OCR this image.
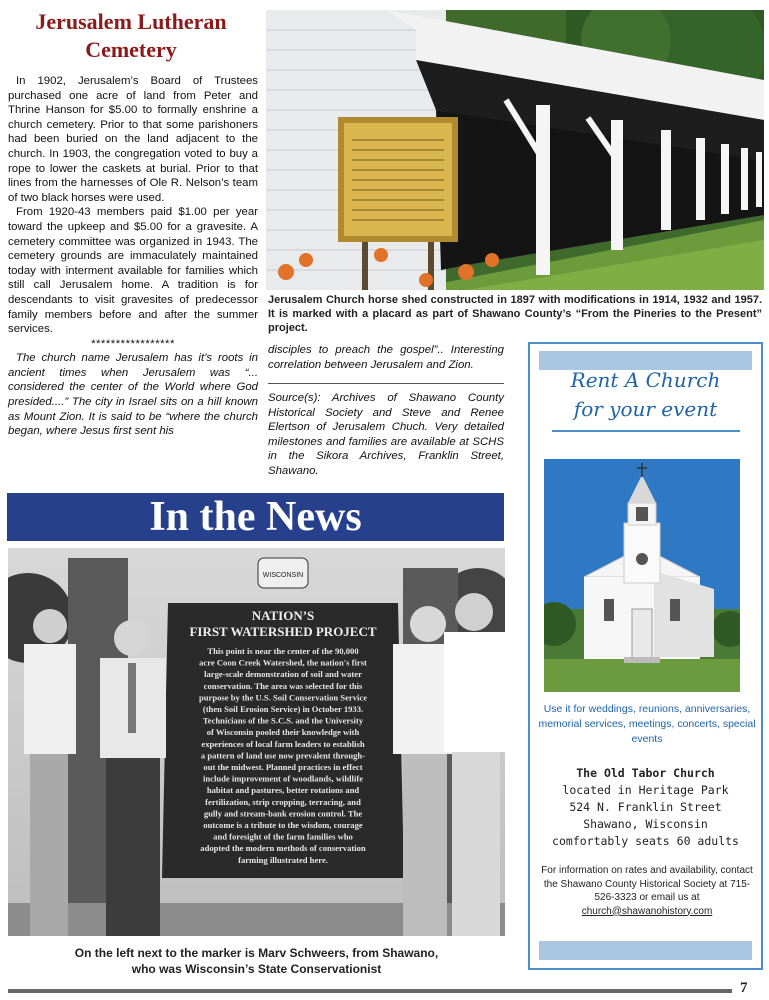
Jerusalem Lutheran
Cemetery

In 1902, Jerusalem’s Board of Trustees purchased one acre of land from Peter and Thrine Hanson for $5.00 to formally enshrine a church cemetery. Prior to that some parishoners had been buried on the land adjacent to the church. In 1903, the congregation voted to buy a rope to lower the caskets at burial. Prior to that lines from the harnesses of Ole R. Nelson’s team of two black horses were used.

From 1920-43 members paid $1.00 per year toward the upkeep and $5.00 for a gravesite. A cemetery committee was organized in 1943. The cemetery grounds are immaculately maintained today with interment available for families which still call Jerusalem home. A tradition is for descendants to visit gravesites of predecessor family members before and after the summer services.

*****************

The church name Jerusalem has it’s roots in ancient times when Jerusalem was “... considered the center of the World where God presided....” The city in Israel sits on a hill known as Mount Zion. It is said to be “where the church began, where Jesus first sent his

disciples to preach the gospel”.. Interesting correlation between Jerusalem and Zion.

Source(s): Archives of Shawano County Historical Society and Steve and Renee Elertson of Jerusalem Chuch. Very detailed milestones and families are available at SCHS in the Sikora Archives, Franklin Street, Shawano.

Jerusalem Church horse shed constructed in 1897 with modifications in 1914, 1932 and 1957. It is marked with a placard as part of Shawano County’s “From the Pineries to the Present” project.
In the News
WISCONSIN
NATION’S
FIRST WATERSHED PROJECT
This point is near the center of the 90,000
acre Coon Creek Watershed, the nation's first
large-scale demonstration of soil and water
conservation. The area was selected for this
purpose by the U.S. Soil Conservation Service
(then Soil Erosion Service) in October 1933.
Technicians of the S.C.S. and the University
of Wisconsin pooled their knowledge with
experiences of local farm leaders to establish
a pattern of land use now prevalent through-
out the midwest. Planned practices in effect
include improvement of woodlands, wildlife
habitat and pastures, better rotations and
fertilization, strip cropping, terracing, and
gully and stream-bank erosion control. The
outcome is a tribute to the wisdom, courage
and foresight of the farm families who
adopted the modern methods of conservation
farming illustrated here.
On the left next to the marker is Marv Schweers, from Shawano,
who was Wisconsin’s State Conservationist
Rent A Church
for your event
Use it for weddings, reunions, anniversaries, memorial services, meetings, concerts, special events
The Old Tabor Church
located in Heritage Park
524 N. Franklin Street
Shawano, Wisconsin
comfortably seats 60 adults
For information on rates and availability, contact the Shawano County Historical Society at 715-526-3323 or email us at
church@shawanohistory.com
7
